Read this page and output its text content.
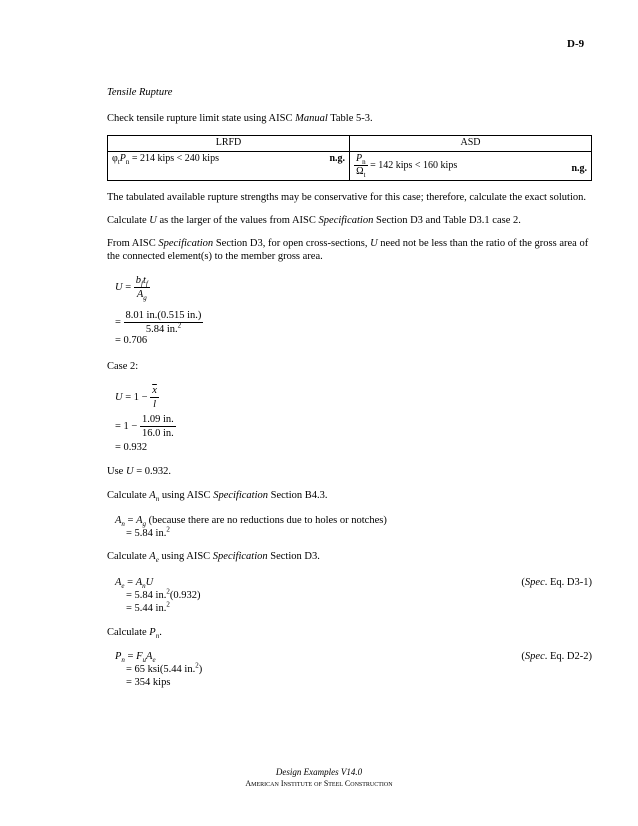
D-9
Tensile Rupture
Check tensile rupture limit state using AISC Manual Table 5-3.
LRFD	ASD

$\varphi_tP_n = 214$ kips < 240 kips n.g.	$\frac{P_n}{\Omega_t} = 142$ kips < 160 kips n.g.
The tabulated available rupture strengths may be conservative for this case; therefore, calculate the exact solution.
Calculate U as the larger of the values from AISC Specification Section D3 and Table D3.1 case 2.
From AISC Specification Section D3, for open cross-sections, U need not be less than the ratio of the gross area of the connected element(s) to the member gross area.
$U = \frac{b_ft_f}{A_g}$
= $\frac{8.01 in.(0.515 in.)}{5.84 in.^2}$
= 0.706
Case 2:
$U = 1 - \frac{\overline{x}}{l}$
= $1 - \frac{1.09 in.}{16.0 in.}$
= 0.932
Use U = 0.932.
Calculate $A_n$ using AISC Specification Section B4.3.
$A_n = A_g$ (because there are no reductions due to holes or notches)
= 5.84 in.$^2$
Calculate $A_e$ using AISC Specification Section D3.
$A_e = A_nU$	(Spec. Eq. D3-1)
= 5.84 in.$^2$(0.932)
= 5.44 in.$^2$
Calculate $P_n$.
$P_n = F_uA_e$	(Spec. Eq. D2-2)
= 65 ksi(5.44 in.$^2$)
= 354 kips
Design Examples V14.0
American Institute of Steel Construction
